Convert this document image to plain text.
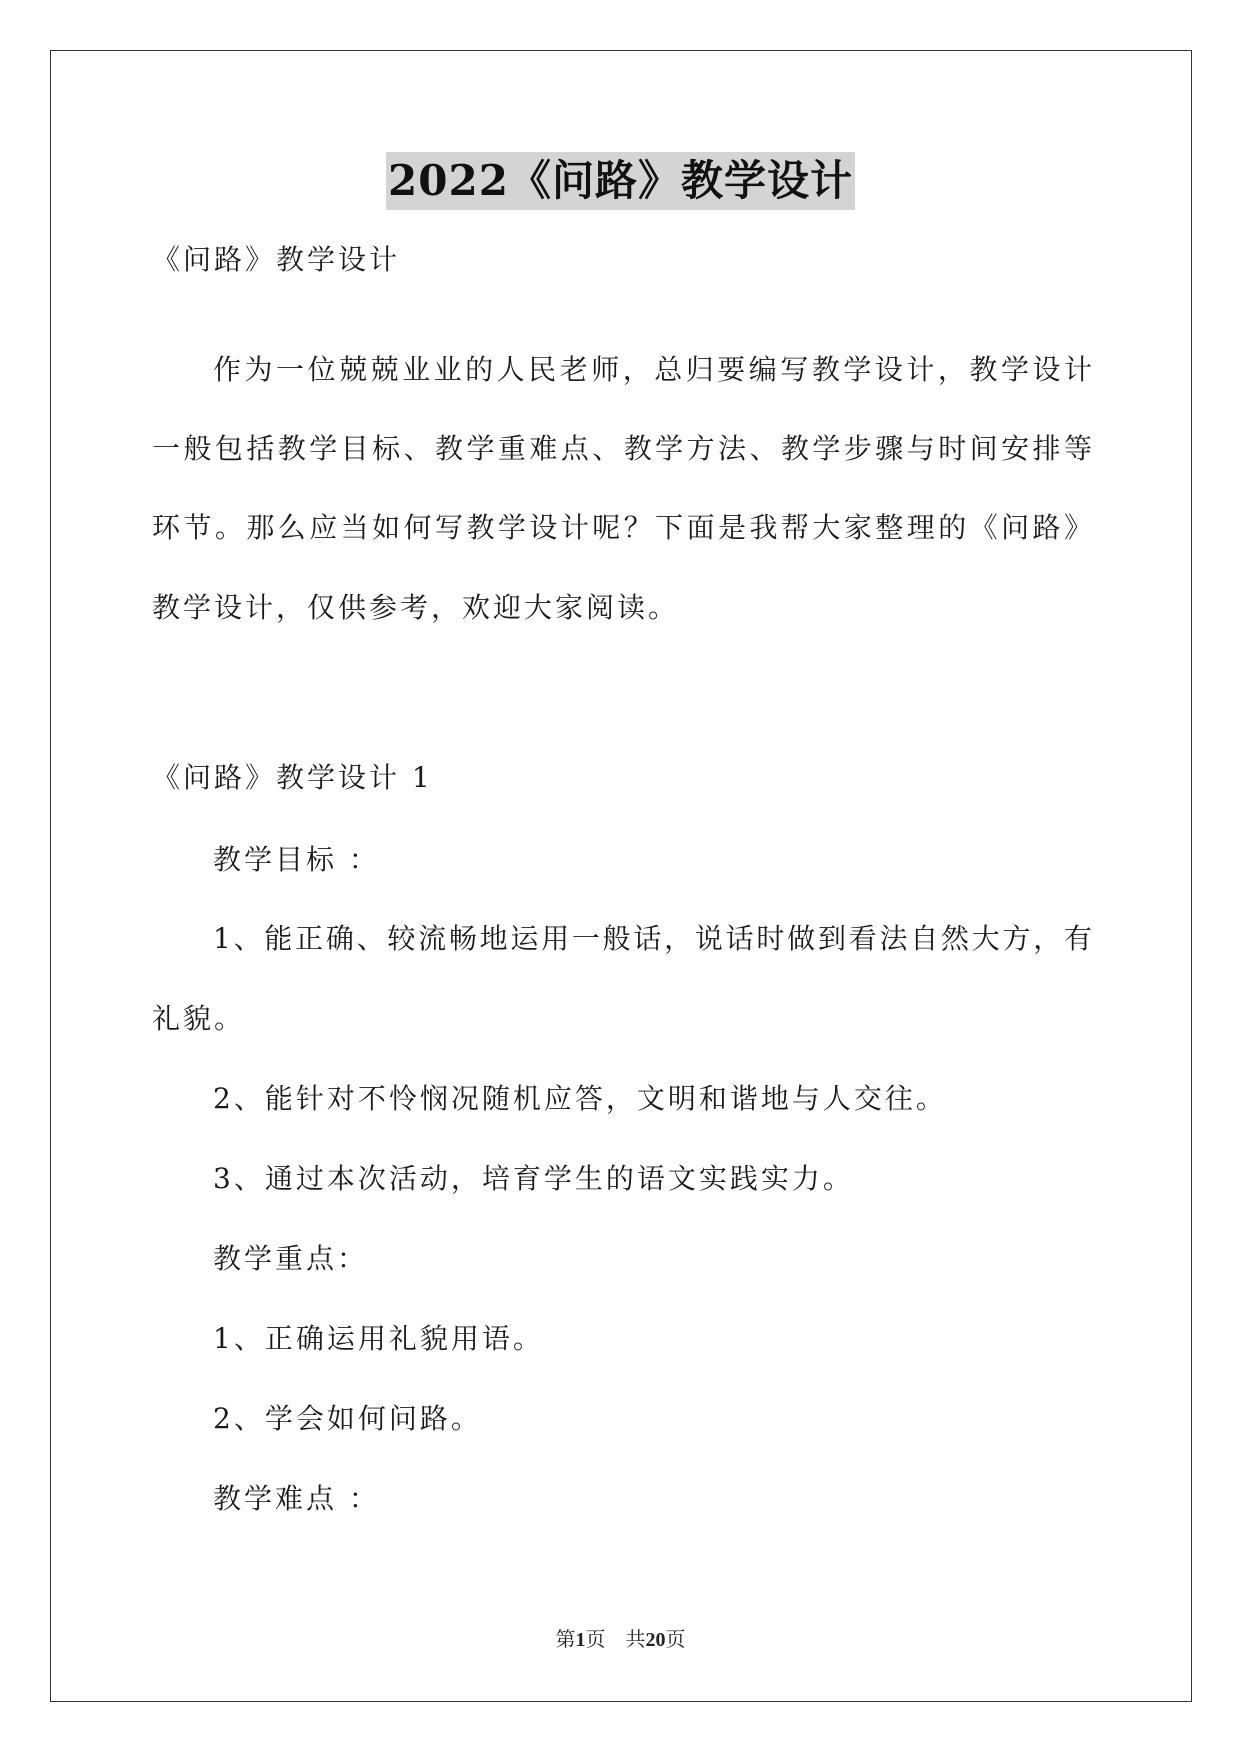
2022《问路》教学设计
《问路》教学设计
作为一位兢兢业业的人民老师，总归要编写教学设计，教学设计
一般包括教学目标、教学重难点、教学方法、教学步骤与时间安排等
环节。那么应当如何写教学设计呢？下面是我帮大家整理的《问路》
教学设计，仅供参考，欢迎大家阅读。
《问路》教学设计 1
教学目标 ：
1、能正确、较流畅地运用一般话，说话时做到看法自然大方，有
礼貌。
2、能针对不怜悯况随机应答，文明和谐地与人交往。
3、通过本次活动，培育学生的语文实践实力。
教学重点：
1、正确运用礼貌用语。
2、学会如何问路。
教学难点 ：
第1页 共20页
